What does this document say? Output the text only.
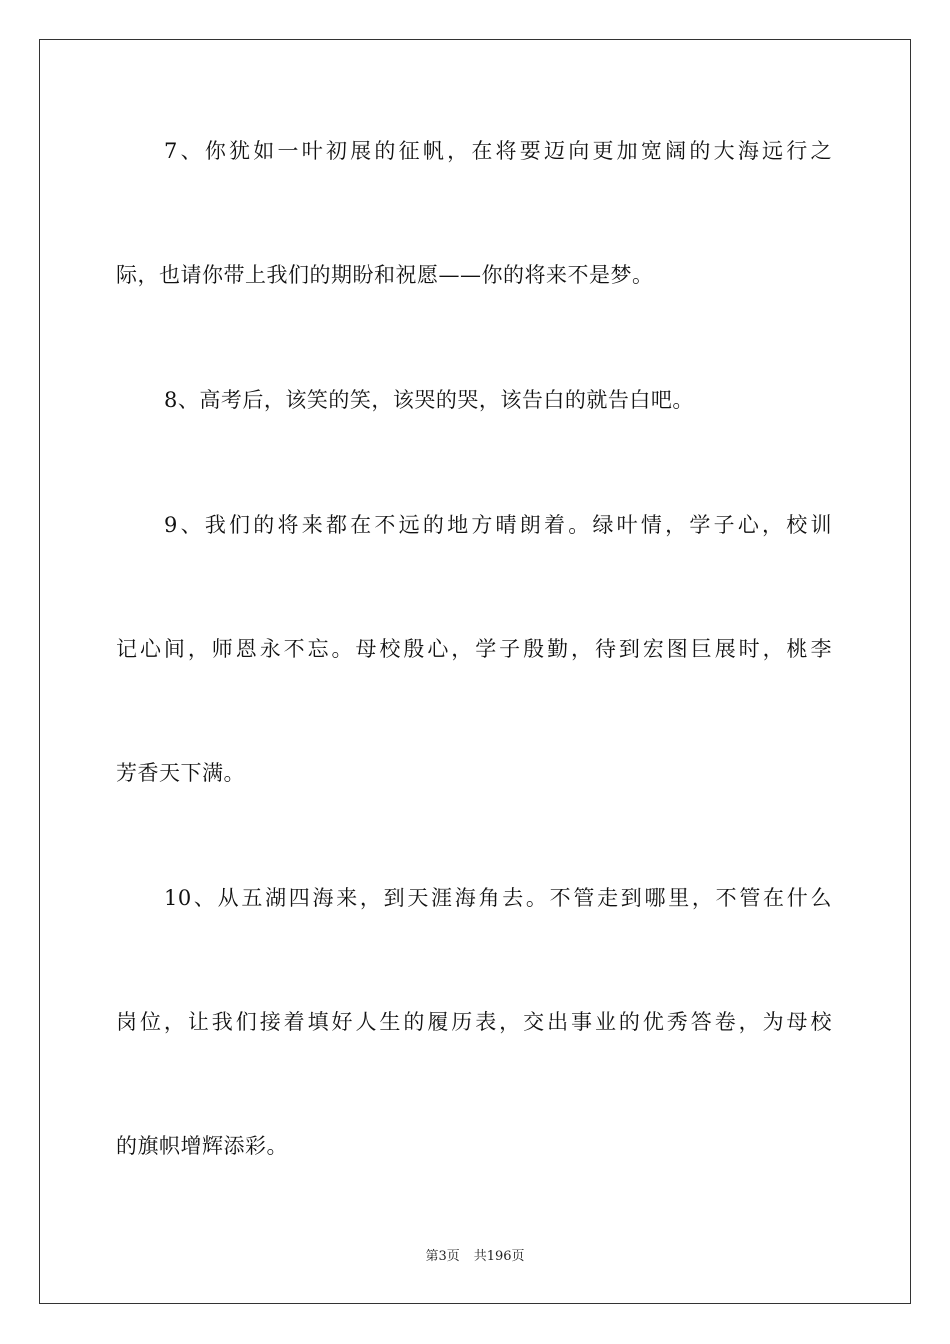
7、你犹如一叶初展的征帆，在将要迈向更加宽阔的大海远行之
际，也请你带上我们的期盼和祝愿——你的将来不是梦。
8、高考后，该笑的笑，该哭的哭，该告白的就告白吧。
9、我们的将来都在不远的地方晴朗着。绿叶情，学子心，校训
记心间，师恩永不忘。母校殷心，学子殷勤，待到宏图巨展时，桃李
芳香天下满。
10、从五湖四海来，到天涯海角去。不管走到哪里，不管在什么
岗位，让我们接着填好人生的履历表，交出事业的优秀答卷，为母校
的旗帜增辉添彩。
第3页 共196页
